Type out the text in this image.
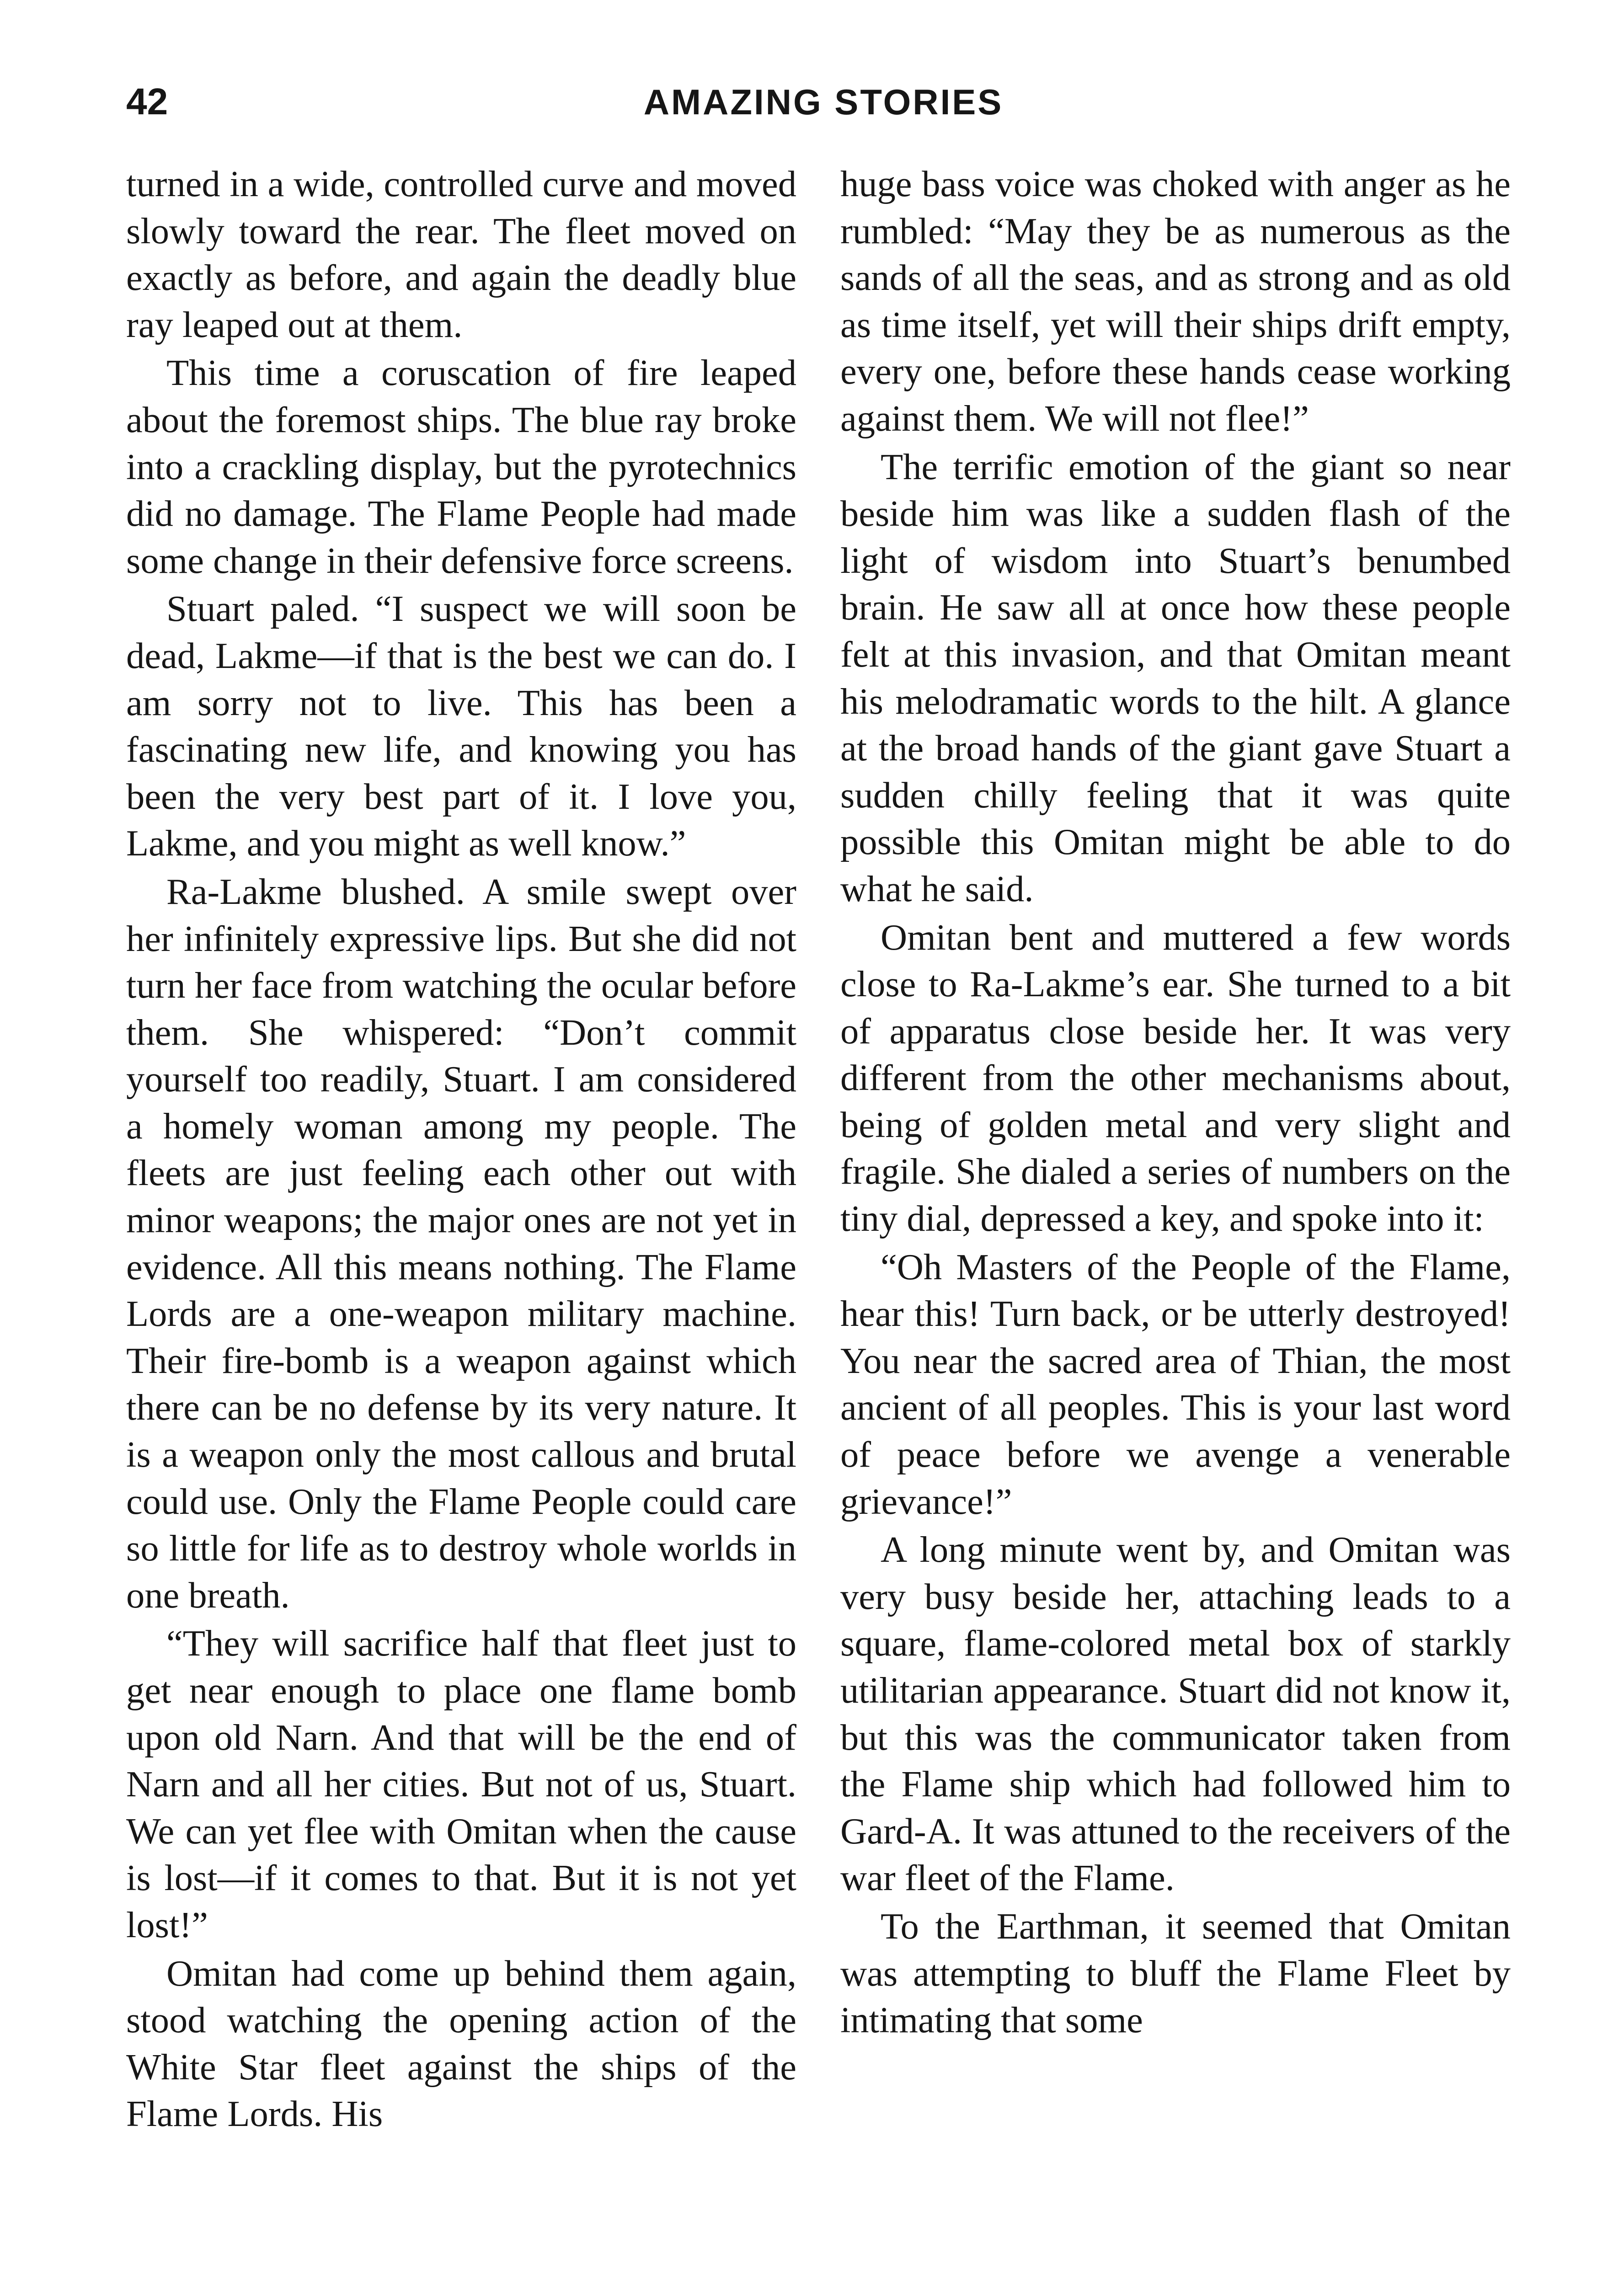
42	AMAZING STORIES

turned in a wide, controlled curve and moved slowly toward the rear. The fleet moved on exactly as before, and again the deadly blue ray leaped out at them.

This time a coruscation of fire leaped about the foremost ships. The blue ray broke into a crackling display, but the pyrotechnics did no damage. The Flame People had made some change in their defensive force screens.

Stuart paled. “I suspect we will soon be dead, Lakme—if that is the best we can do. I am sorry not to live. This has been a fascinating new life, and knowing you has been the very best part of it. I love you, Lakme, and you might as well know.”

Ra-Lakme blushed. A smile swept over her infinitely expressive lips. But she did not turn her face from watching the ocular before them. She whispered: “Don’t commit yourself too readily, Stuart. I am considered a homely woman among my people. The fleets are just feeling each other out with minor weapons; the major ones are not yet in evidence. All this means nothing. The Flame Lords are a one-weapon military machine. Their fire-bomb is a weapon against which there can be no defense by its very nature. It is a weapon only the most callous and brutal could use. Only the Flame People could care so little for life as to destroy whole worlds in one breath.

“They will sacrifice half that fleet just to get near enough to place one flame bomb upon old Narn. And that will be the end of Narn and all her cities. But not of us, Stuart. We can yet flee with Omitan when the cause is lost—if it comes to that. But it is not yet lost!”

Omitan had come up behind them again, stood watching the opening action of the White Star fleet against the ships of the Flame Lords. His

huge bass voice was choked with anger as he rumbled: “May they be as numerous as the sands of all the seas, and as strong and as old as time itself, yet will their ships drift empty, every one, before these hands cease working against them. We will not flee!”

The terrific emotion of the giant so near beside him was like a sudden flash of the light of wisdom into Stuart’s benumbed brain. He saw all at once how these people felt at this invasion, and that Omitan meant his melodramatic words to the hilt. A glance at the broad hands of the giant gave Stuart a sudden chilly feeling that it was quite possible this Omitan might be able to do what he said.

Omitan bent and muttered a few words close to Ra-Lakme’s ear. She turned to a bit of apparatus close beside her. It was very different from the other mechanisms about, being of golden metal and very slight and fragile. She dialed a series of numbers on the tiny dial, depressed a key, and spoke into it:

“Oh Masters of the People of the Flame, hear this! Turn back, or be utterly destroyed! You near the sacred area of Thian, the most ancient of all peoples. This is your last word of peace before we avenge a venerable grievance!”

A long minute went by, and Omitan was very busy beside her, attaching leads to a square, flame-colored metal box of starkly utilitarian appearance. Stuart did not know it, but this was the communicator taken from the Flame ship which had followed him to Gard-A. It was attuned to the receivers of the war fleet of the Flame.

To the Earthman, it seemed that Omitan was attempting to bluff the Flame Fleet by intimating that some
